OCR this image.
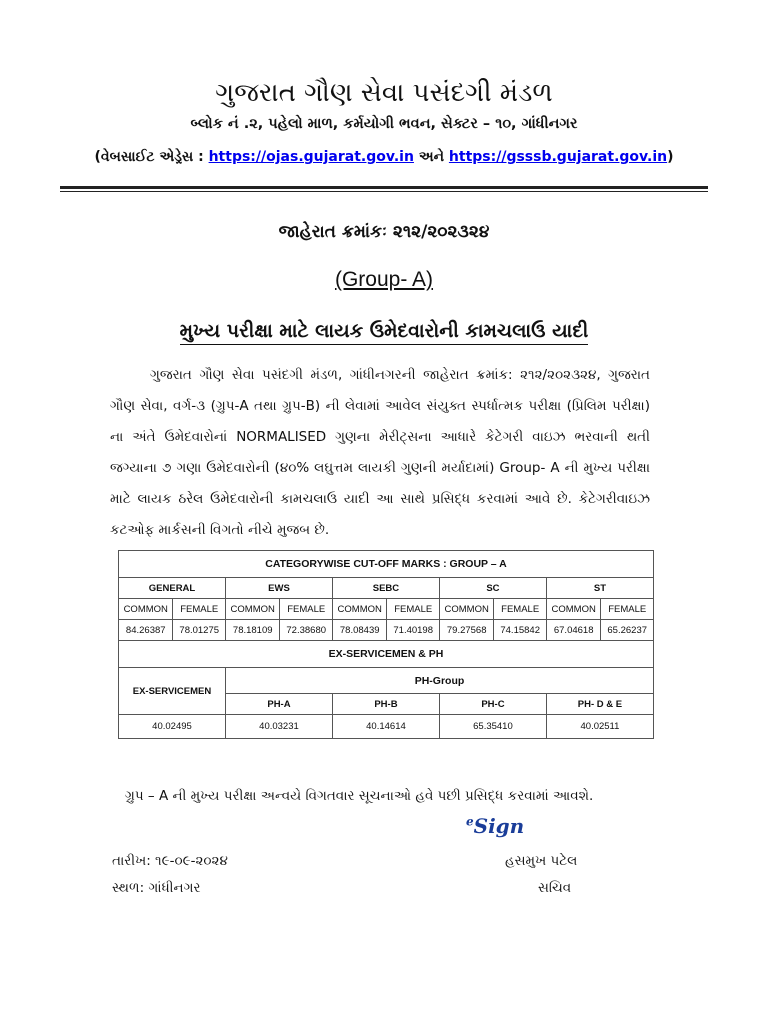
ગુજરાત ગૌણ સેવા પસંદગી મંડળ
બ્લોક નં .૨, પહેલો માળ, કર્મયોગી ભવન, સેક્ટર – ૧૦, ગાંધીનગર
(વેબસાઈટ એડ્રેસ : https://ojas.gujarat.gov.in અને https://gsssb.gujarat.gov.in)
જાહેરાત ક્રમાંકઃ ૨૧૨/૨૦૨૩૨૪
(Group- A)
મુખ્ય પરીક્ષા માટે લાયક ઉમેદવારોની કામચલાઉ યાદી

ગુજરાત ગૌણ સેવા પસંદગી મંડળ, ગાંધીનગરની જાહેરાત ક્રમાંક: ૨૧૨/૨૦૨૩૨૪, ગુજરાત ગૌણ સેવા, વર્ગ-૩ (ગ્રુપ-A તથા ગ્રુપ-B) ની લેવામાં આવેલ સંયુક્ત સ્પર્ધાત્મક પરીક્ષા (પ્રિલિમ પરીક્ષા) ના અંતે ઉમેદવારોનાં NORMALISED ગુણના મેરીટ્સના આધારે કેટેગરી વાઇઝ ભરવાની થતી જગ્યાના ૭ ગણા ઉમેદવારોની (૪૦% લઘુત્તમ લાયકી ગુણની મર્યાદામાં) Group- A ની મુખ્ય પરીક્ષા માટે લાયક ઠરેલ ઉમેદવારોની કામચલાઉ યાદી આ સાથે પ્રસિદ્ધ કરવામાં આવે છે. કેટેગરીવાઇઝ કટઓફ માર્કસની વિગતો નીચે મુજબ છે.

CATEGORYWISE CUT-OFF MARKS : GROUP – A									
GENERAL		EWS		SEBC		SC		ST	
COMMON	FEMALE	COMMON	FEMALE	COMMON	FEMALE	COMMON	FEMALE	COMMON	FEMALE
84.26387	78.01275	78.18109	72.38680	78.08439	71.40198	79.27568	74.15842	67.04618	65.26237
EX-SERVICEMEN & PH									
EX-SERVICEMEN		PH-Group							
		PH-A		PH-B		PH-C		PH- D & E	
40.02495		40.03231		40.14614		65.35410		40.02511	
ગ્રુપ – A ની મુખ્ય પરીક્ષા અન્વયે વિગતવાર સૂચનાઓ હવે પછી પ્રસિદ્ધ કરવામાં આવશે.
$^e$Sign
તારીખ: ૧૯-૦૯-૨૦૨૪
સ્થળ: ગાંધીનગર
હસમુખ પટેલ
સચિવ
